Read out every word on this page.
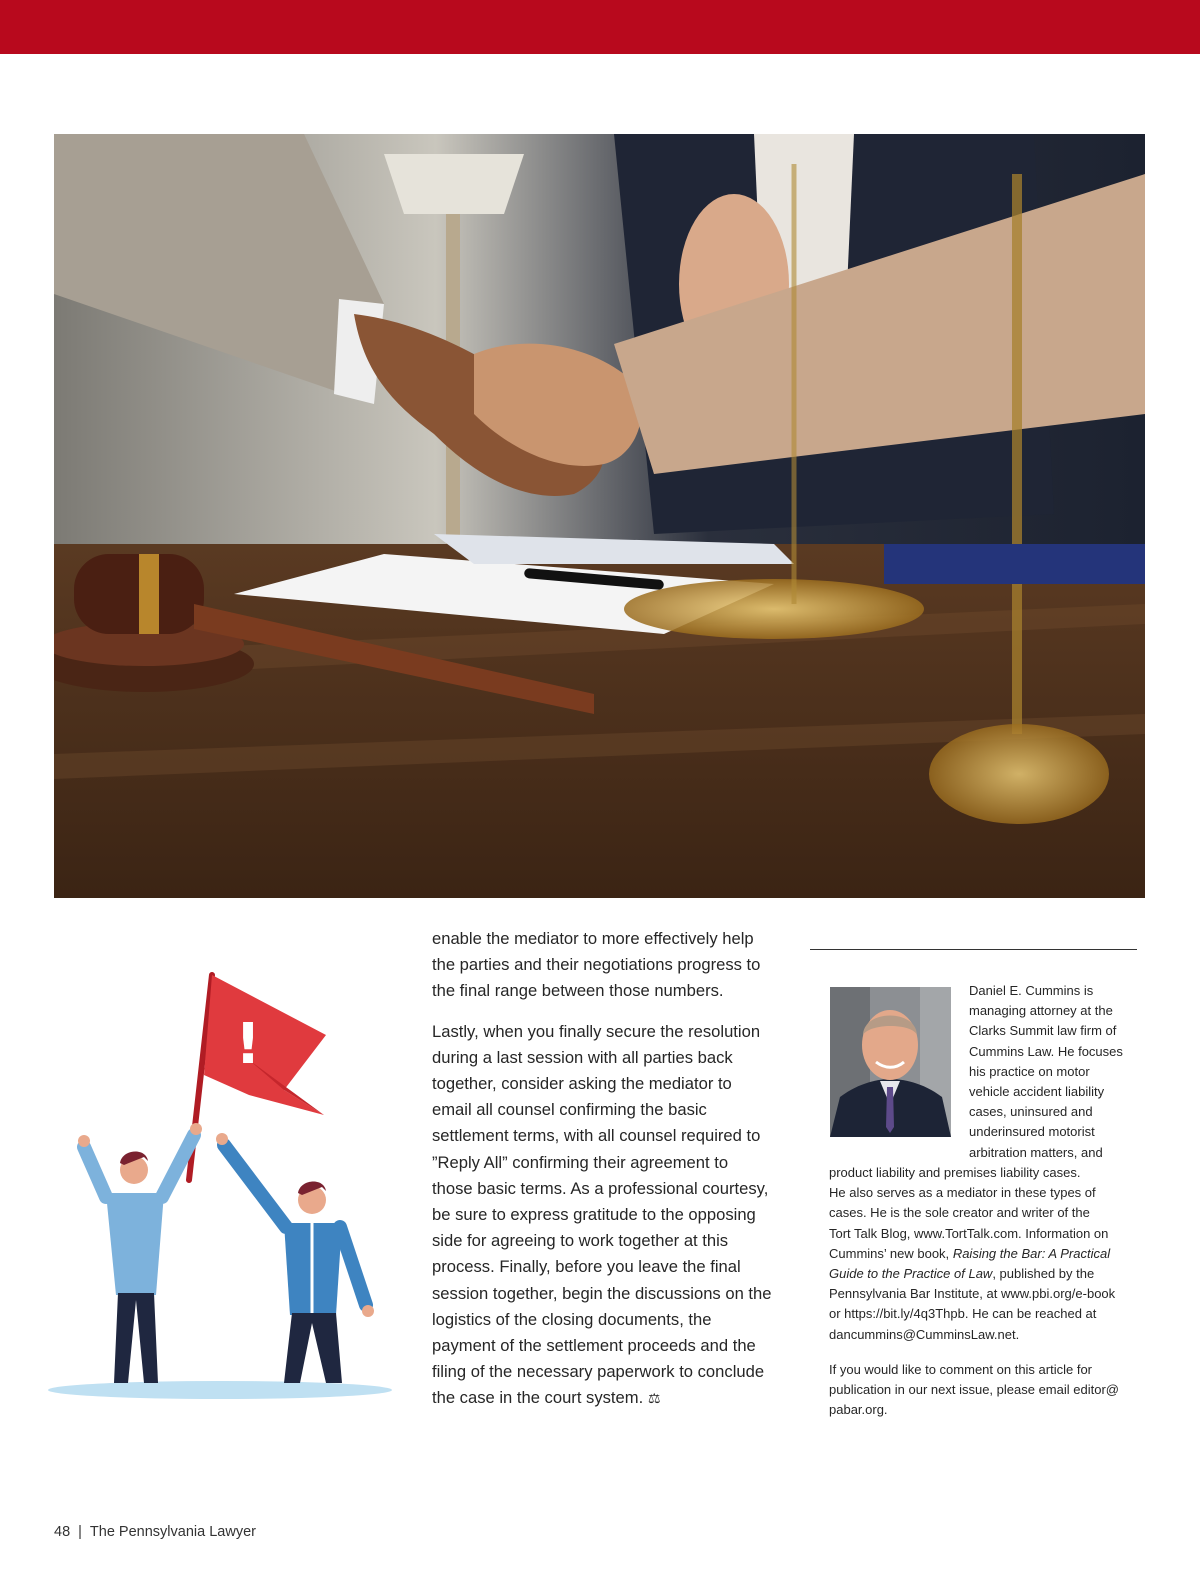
!

enable the mediator to more effectively help the parties and their negotiations progress to the final range between those numbers.

Lastly, when you finally secure the resolution during a last session with all parties back together, consider asking the mediator to email all counsel confirming the basic settlement terms, with all counsel required to ”Reply All” confirming their agreement to those basic terms. As a professional courtesy, be sure to express gratitude to the opposing side for agreeing to work together at this process. Finally, before you leave the final session together, begin the discussions on the logistics of the closing documents, the payment of the settlement proceeds and the filing of the necessary paperwork to conclude the case in the court system. ⚖

Daniel E. Cummins is
managing attorney at the
Clarks Summit law firm of
Cummins Law. He focuses
his practice on motor
vehicle accident liability
cases, uninsured and
underinsured motorist
arbitration matters, and
product liability and premises liability cases.
He also serves as a mediator in these types of
cases. He is the sole creator and writer of the
Tort Talk Blog, www.TortTalk.com. Information on
Cummins’ new book, Raising the Bar: A Practical
Guide to the Practice of Law, published by the
Pennsylvania Bar Institute, at www.pbi.org/e-book
or https://bit.ly/4q3Thpb. He can be reached at
dancummins@CumminsLaw.net.
If you would like to comment on this article for
publication in our next issue, please email editor@
pabar.org.
48 | The Pennsylvania Lawyer
